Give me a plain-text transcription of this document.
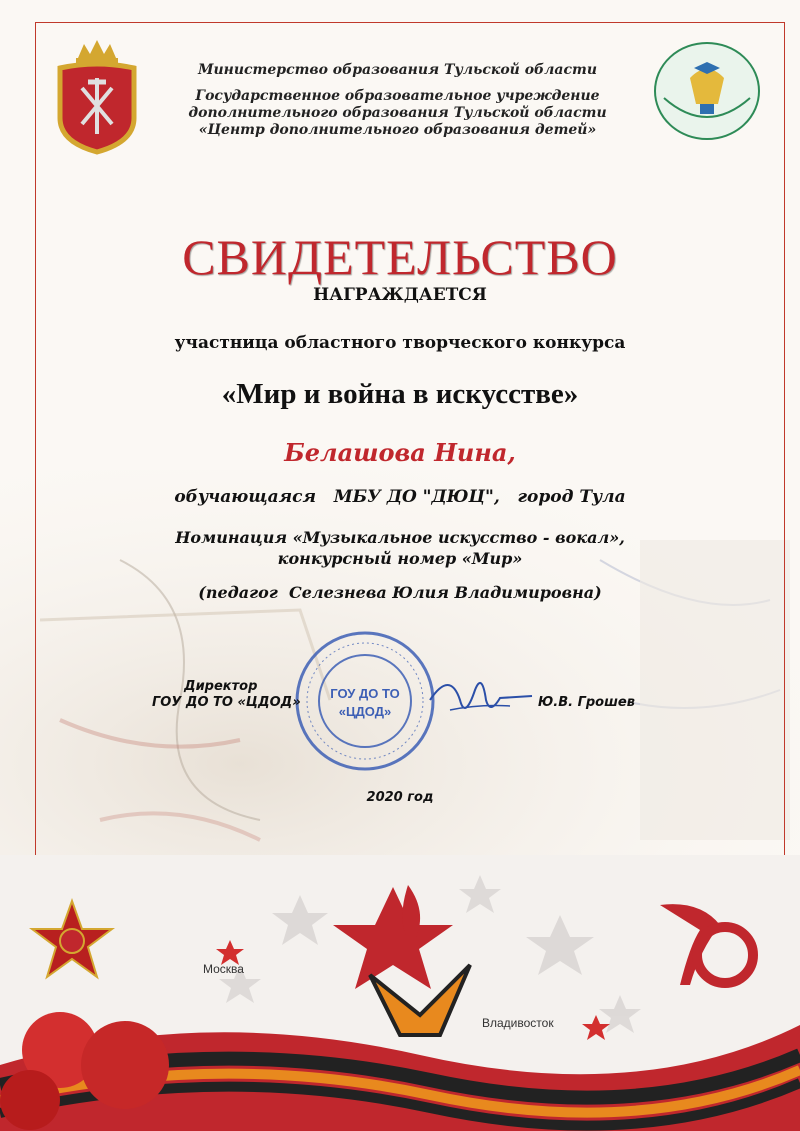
Министерство образования Тульской области
Государственное образовательное учреждение
дополнительного образования Тульской области
«Центр дополнительного образования детей»
СВИДЕТЕЛЬСТВО
НАГРАЖДАЕТСЯ
участница областного творческого конкурса
«Мир и война в искусстве»
Белашова Нина,
обучающаяся   МБУ ДО "ДЮЦ",   город Тула
Номинация «Музыкальное искусство - вокал»,
конкурсный номер «Мир»
(педагог  Селезнева Юлия Владимировна)
ГОУ ДО ТО
«ЦДОД»
Директор
ГОУ ДО ТО «ЦДОД»	Ю.В. Грошев
2020 год
Москва
Владивосток
